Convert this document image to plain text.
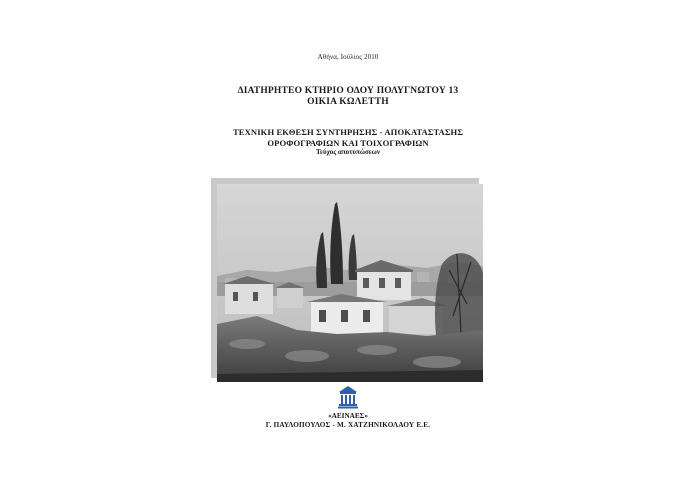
Αθήνα, Ιούλιος 2010
ΔΙΑΤΗΡΗΤΕΟ ΚΤΗΡΙΟ ΟΔΟΥ ΠΟΛΥΓΝΩΤΟΥ 13
ΟΙΚΙΑ ΚΩΛΕΤΤΗ
ΤΕΧΝΙΚΗ ΕΚΘΕΣΗ ΣΥΝΤΗΡΗΣΗΣ - ΑΠΟΚΑΤΑΣΤΑΣΗΣ
ΟΡΟΦΟΓΡΑΦΙΩΝ ΚΑΙ ΤΟΙΧΟΓΡΑΦΙΩΝ
Τεύχος αποτυπώσεων
«ΑΕΙΝΑΕΣ»
Γ. ΠΑΥΛΟΠΟΥΛΟΣ - Μ. ΧΑΤΖΗΝΙΚΟΛΑΟΥ Ε.Ε.
